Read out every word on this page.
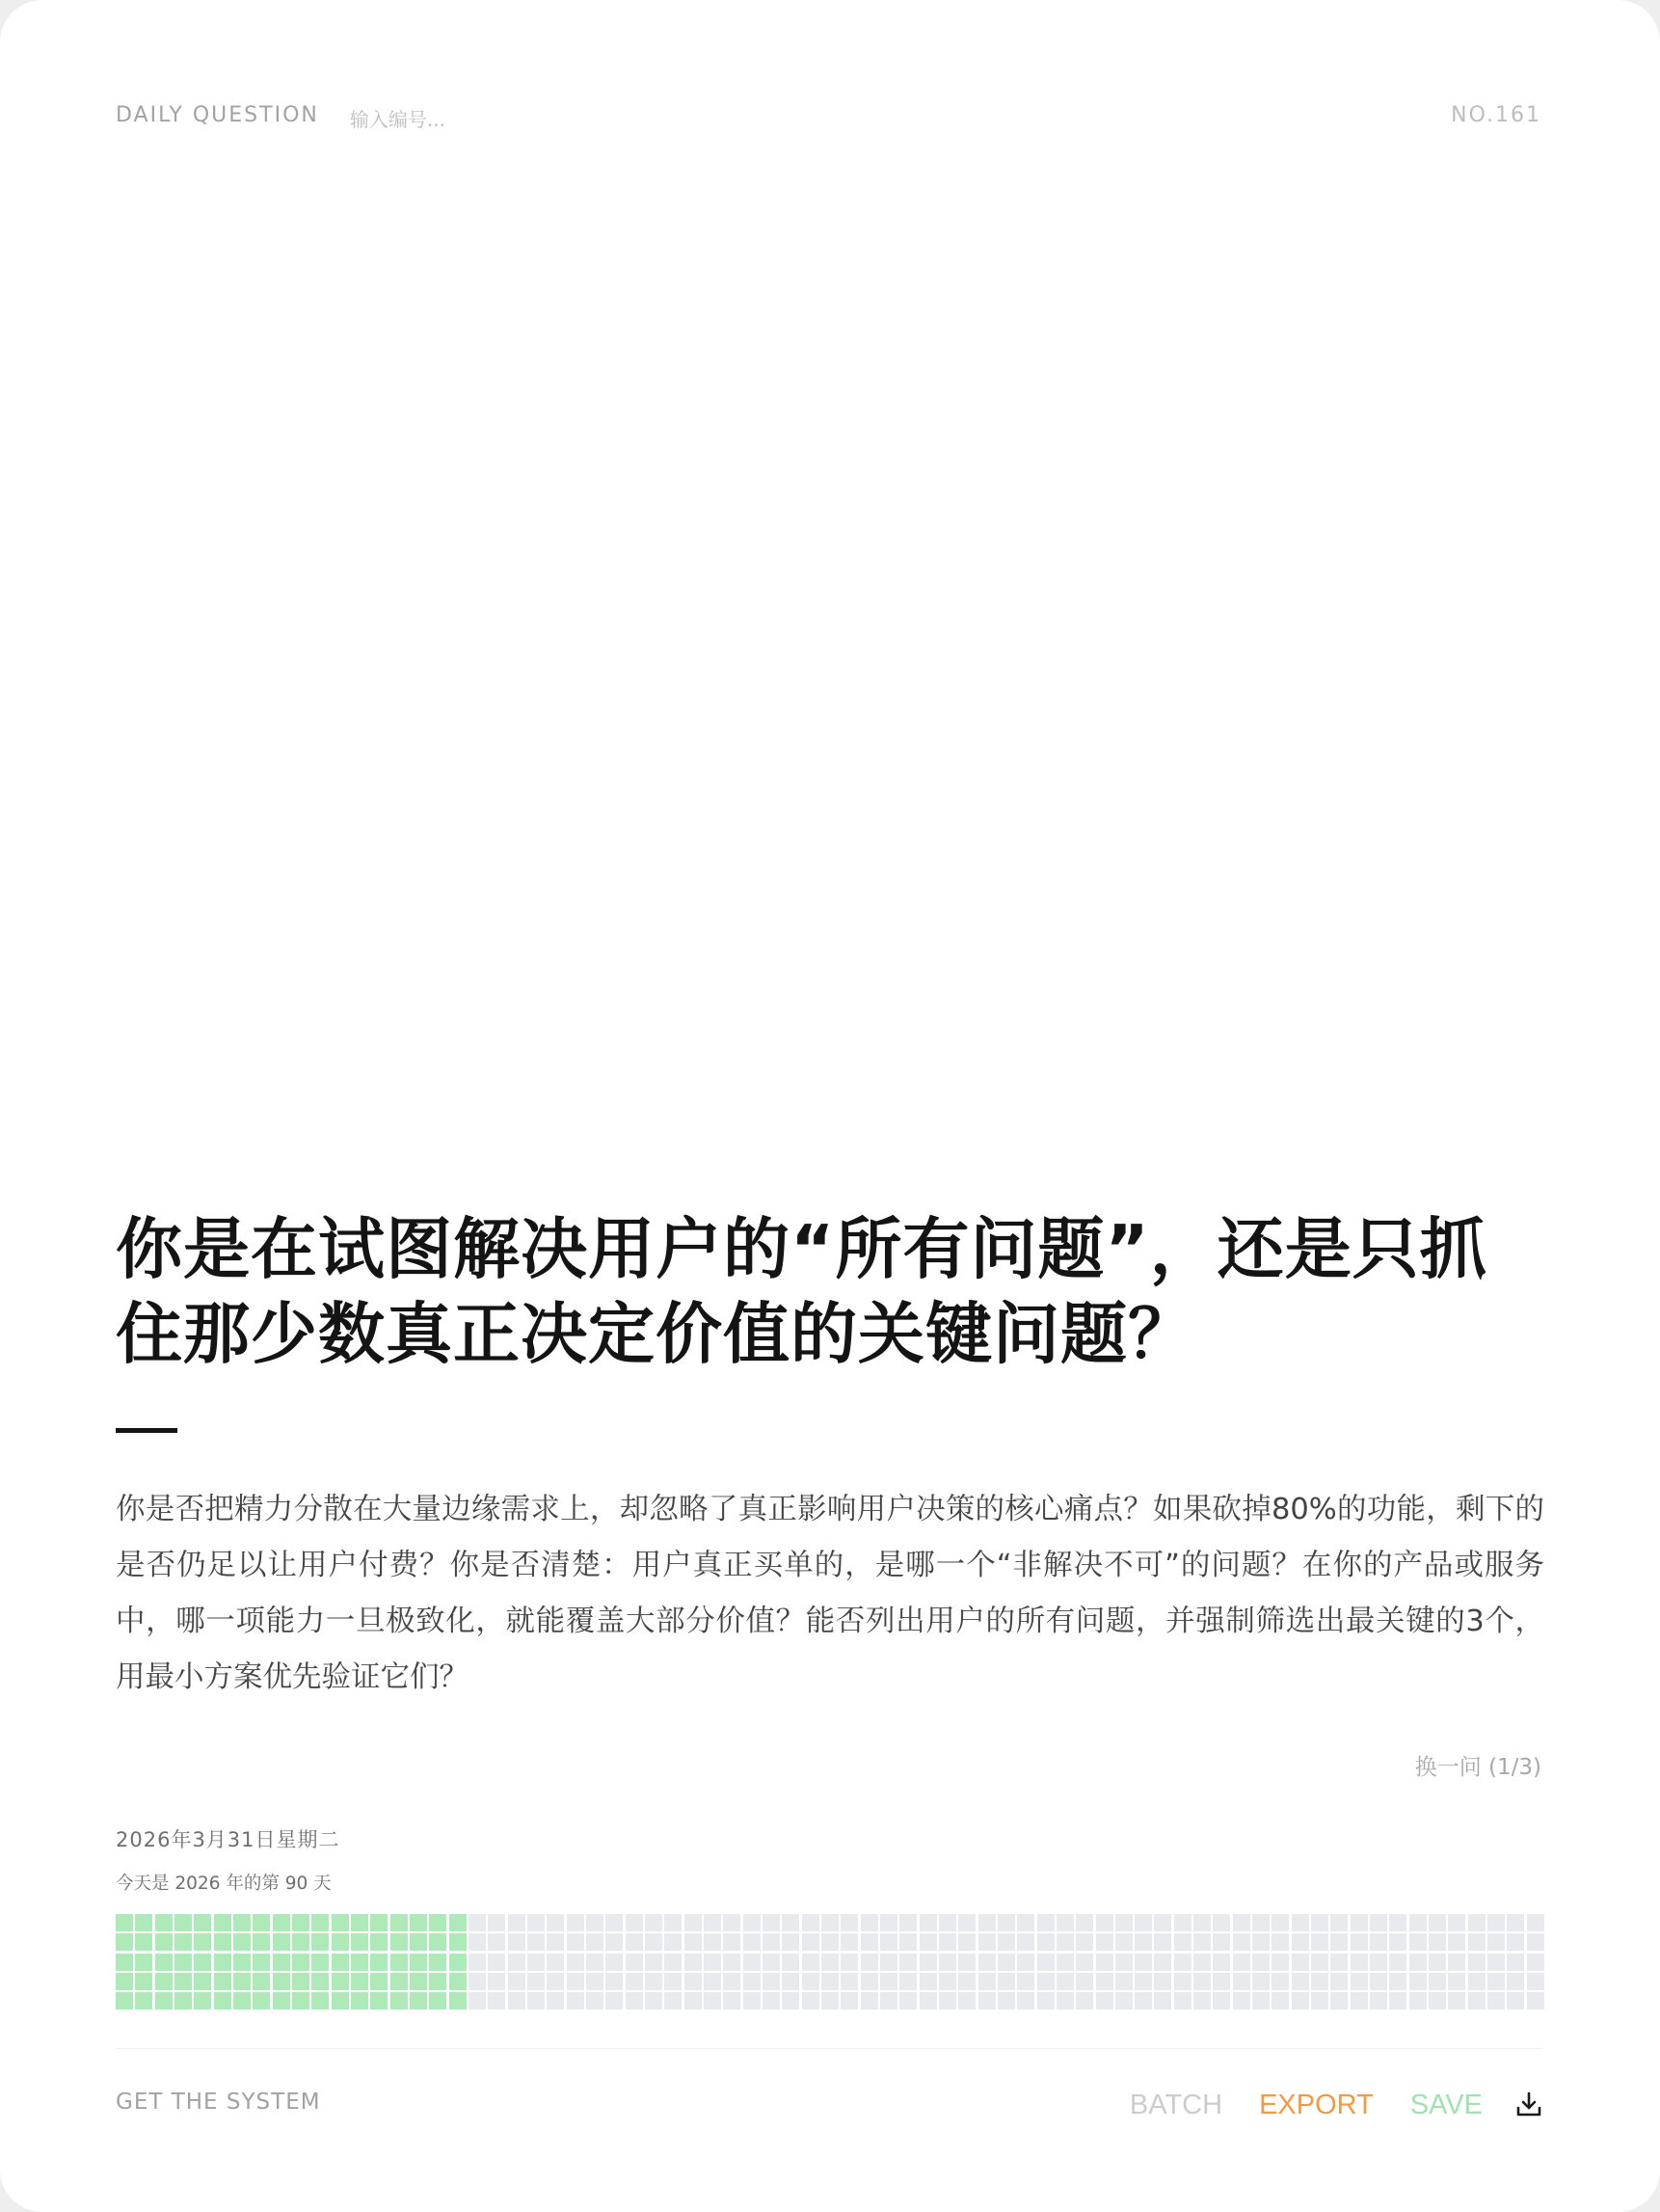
DAILY QUESTION
输入编号...	NO.161
你是在试图解决用户的“所有问题”，还是只抓住那少数真正决定价值的关键问题？

你是否把精力分散在大量边缘需求上，却忽略了真正影响用户决策的核心痛点？如果砍掉80%的功能，剩下的是否仍足以让用户付费？你是否清楚：用户真正买单的，是哪一个“非解决不可”的问题？在你的产品或服务中，哪一项能力一旦极致化，就能覆盖大部分价值？能否列出用户的所有问题，并强制筛选出最关键的3个，用最小方案优先验证它们？

换一问 (1/3)
2026年3月31日星期二
今天是 2026 年的第 90 天
GET THE SYSTEM	BATCH EXPORT SAVE
